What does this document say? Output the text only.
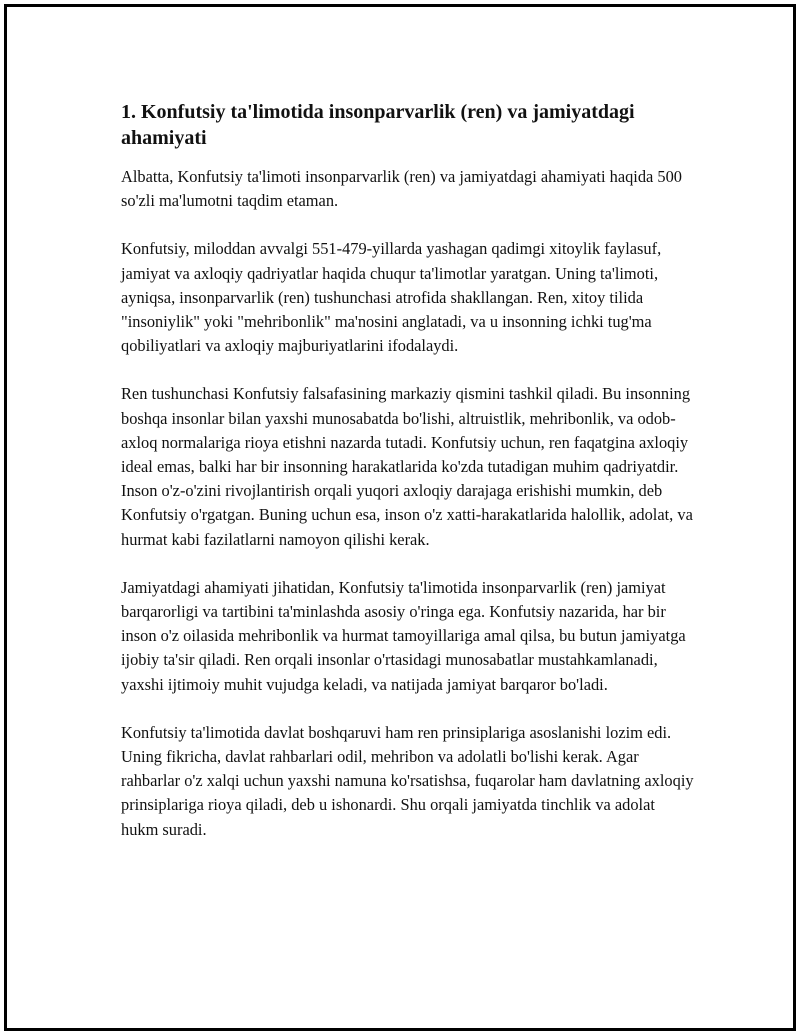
1. Konfutsiy ta'limotida insonparvarlik (ren) va jamiyatdagi ahamiyati

Albatta, Konfutsiy ta'limoti insonparvarlik (ren) va jamiyatdagi ahamiyati haqida 500 so'zli ma'lumotni taqdim etaman.

Konfutsiy, miloddan avvalgi 551-479-yillarda yashagan qadimgi xitoylik faylasuf, jamiyat va axloqiy qadriyatlar haqida chuqur ta'limotlar yaratgan. Uning ta'limoti, ayniqsa, insonparvarlik (ren) tushunchasi atrofida shakllangan. Ren, xitoy tilida "insoniylik" yoki "mehribonlik" ma'nosini anglatadi, va u insonning ichki tug'ma qobiliyatlari va axloqiy majburiyatlarini ifodalaydi.

Ren tushunchasi Konfutsiy falsafasining markaziy qismini tashkil qiladi. Bu insonning boshqa insonlar bilan yaxshi munosabatda bo'lishi, altruistlik, mehribonlik, va odob-axloq normalariga rioya etishni nazarda tutadi. Konfutsiy uchun, ren faqatgina axloqiy ideal emas, balki har bir insonning harakatlarida ko'zda tutadigan muhim qadriyatdir. Inson o'z-o'zini rivojlantirish orqali yuqori axloqiy darajaga erishishi mumkin, deb Konfutsiy o'rgatgan. Buning uchun esa, inson o'z xatti-harakatlarida halollik, adolat, va hurmat kabi fazilatlarni namoyon qilishi kerak.

Jamiyatdagi ahamiyati jihatidan, Konfutsiy ta'limotida insonparvarlik (ren) jamiyat barqarorligi va tartibini ta'minlashda asosiy o'ringa ega. Konfutsiy nazarida, har bir inson o'z oilasida mehribonlik va hurmat tamoyillariga amal qilsa, bu butun jamiyatga ijobiy ta'sir qiladi. Ren orqali insonlar o'rtasidagi munosabatlar mustahkamlanadi, yaxshi ijtimoiy muhit vujudga keladi, va natijada jamiyat barqaror bo'ladi.

Konfutsiy ta'limotida davlat boshqaruvi ham ren prinsiplariga asoslanishi lozim edi. Uning fikricha, davlat rahbarlari odil, mehribon va adolatli bo'lishi kerak. Agar rahbarlar o'z xalqi uchun yaxshi namuna ko'rsatishsa, fuqarolar ham davlatning axloqiy prinsiplariga rioya qiladi, deb u ishonardi. Shu orqali jamiyatda tinchlik va adolat hukm suradi.
